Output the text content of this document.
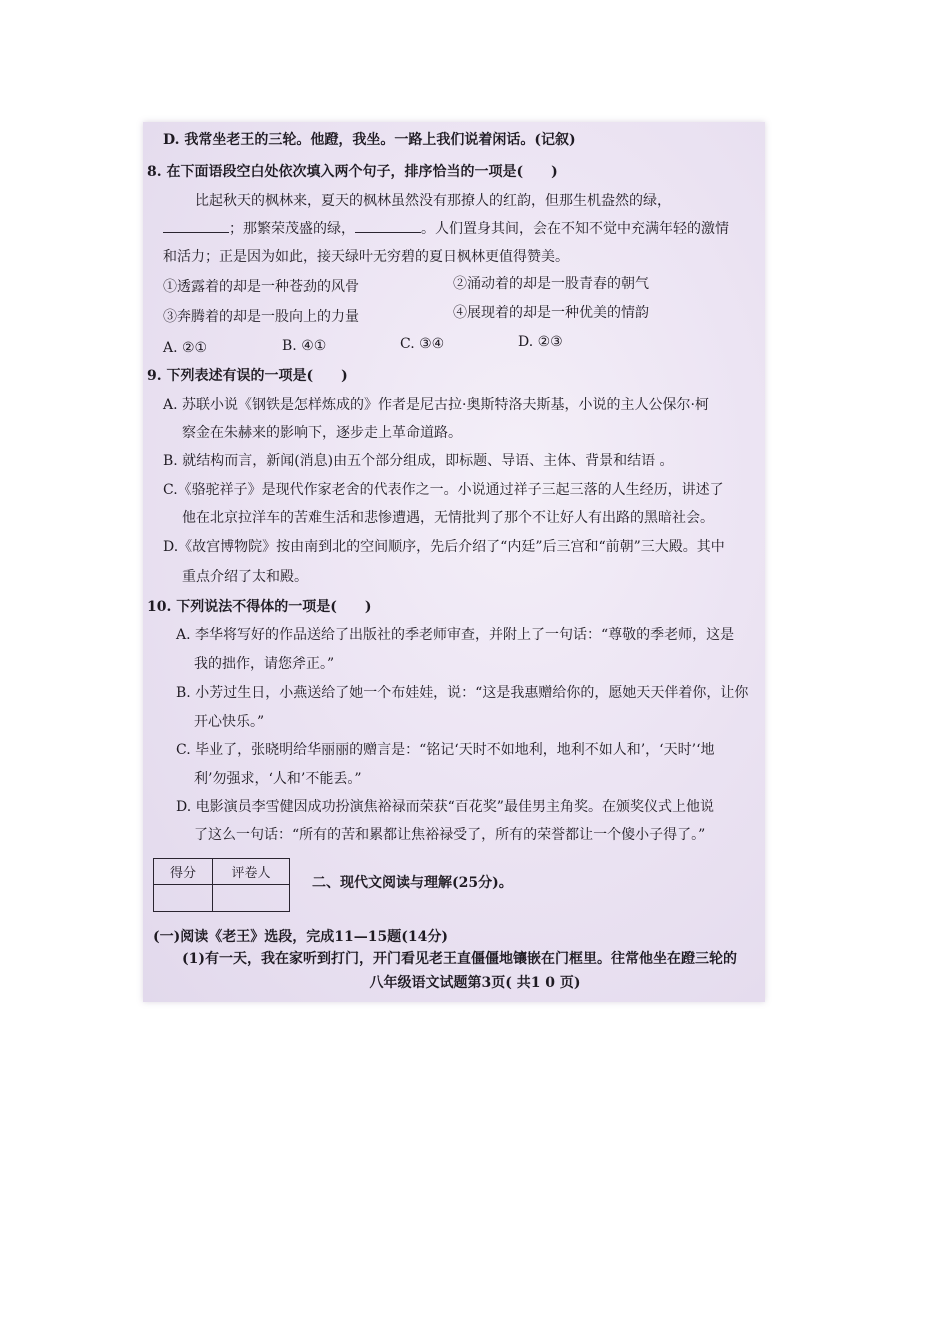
D. 我常坐老王的三轮。他蹬，我坐。一路上我们说着闲话。(记叙)
8. 在下面语段空白处依次填入两个句子，排序恰当的一项是(　　)
比起秋天的枫林来，夏天的枫林虽然没有那撩人的红韵，但那生机盎然的绿，
；那繁荣茂盛的绿，	。人们置身其间，会在不知不觉中充满年轻的激情
和活力；正是因为如此，接天绿叶无穷碧的夏日枫林更值得赞美。
①透露着的却是一种苍劲的风骨	②涌动着的却是一股青春的朝气
③奔腾着的却是一股向上的力量	④展现着的却是一种优美的情韵
A. ②①	B. ④①	C. ③④	D. ②③
9. 下列表述有误的一项是(　　)
A. 苏联小说《钢铁是怎样炼成的》作者是尼古拉·奥斯特洛夫斯基，小说的主人公保尔·柯
察金在朱赫来的影响下，逐步走上革命道路。
B. 就结构而言，新闻(消息)由五个部分组成，即标题、导语、主体、背景和结语 。
C.《骆驼祥子》是现代作家老舍的代表作之一。小说通过祥子三起三落的人生经历，讲述了
他在北京拉洋车的苦难生活和悲惨遭遇，无情批判了那个不让好人有出路的黑暗社会。
D.《故宫博物院》按由南到北的空间顺序，先后介绍了“内廷”后三宫和“前朝”三大殿。其中
重点介绍了太和殿。
10. 下列说法不得体的一项是(　　)
A. 李华将写好的作品送给了出版社的季老师审查，并附上了一句话：“尊敬的季老师，这是
我的拙作，请您斧正。”
B. 小芳过生日，小燕送给了她一个布娃娃，说：“这是我惠赠给你的，愿她天天伴着你，让你
开心快乐。”
C. 毕业了，张晓明给华丽丽的赠言是：“铭记‘天时不如地利，地利不如人和’，‘天时’‘地
利’勿强求，‘人和’不能丢。”
D. 电影演员李雪健因成功扮演焦裕禄而荣获“百花奖”最佳男主角奖。在颁奖仪式上他说
了这么一句话：“所有的苦和累都让焦裕禄受了，所有的荣誉都让一个傻小子得了。”
得分	评卷人

二、现代文阅读与理解(25分)。
(一)阅读《老王》选段，完成11—15题(14分)
(1)有一天，我在家听到打门，开门看见老王直僵僵地镶嵌在门框里。往常他坐在蹬三轮的
八年级语文试题第3页( 共1 0 页)
